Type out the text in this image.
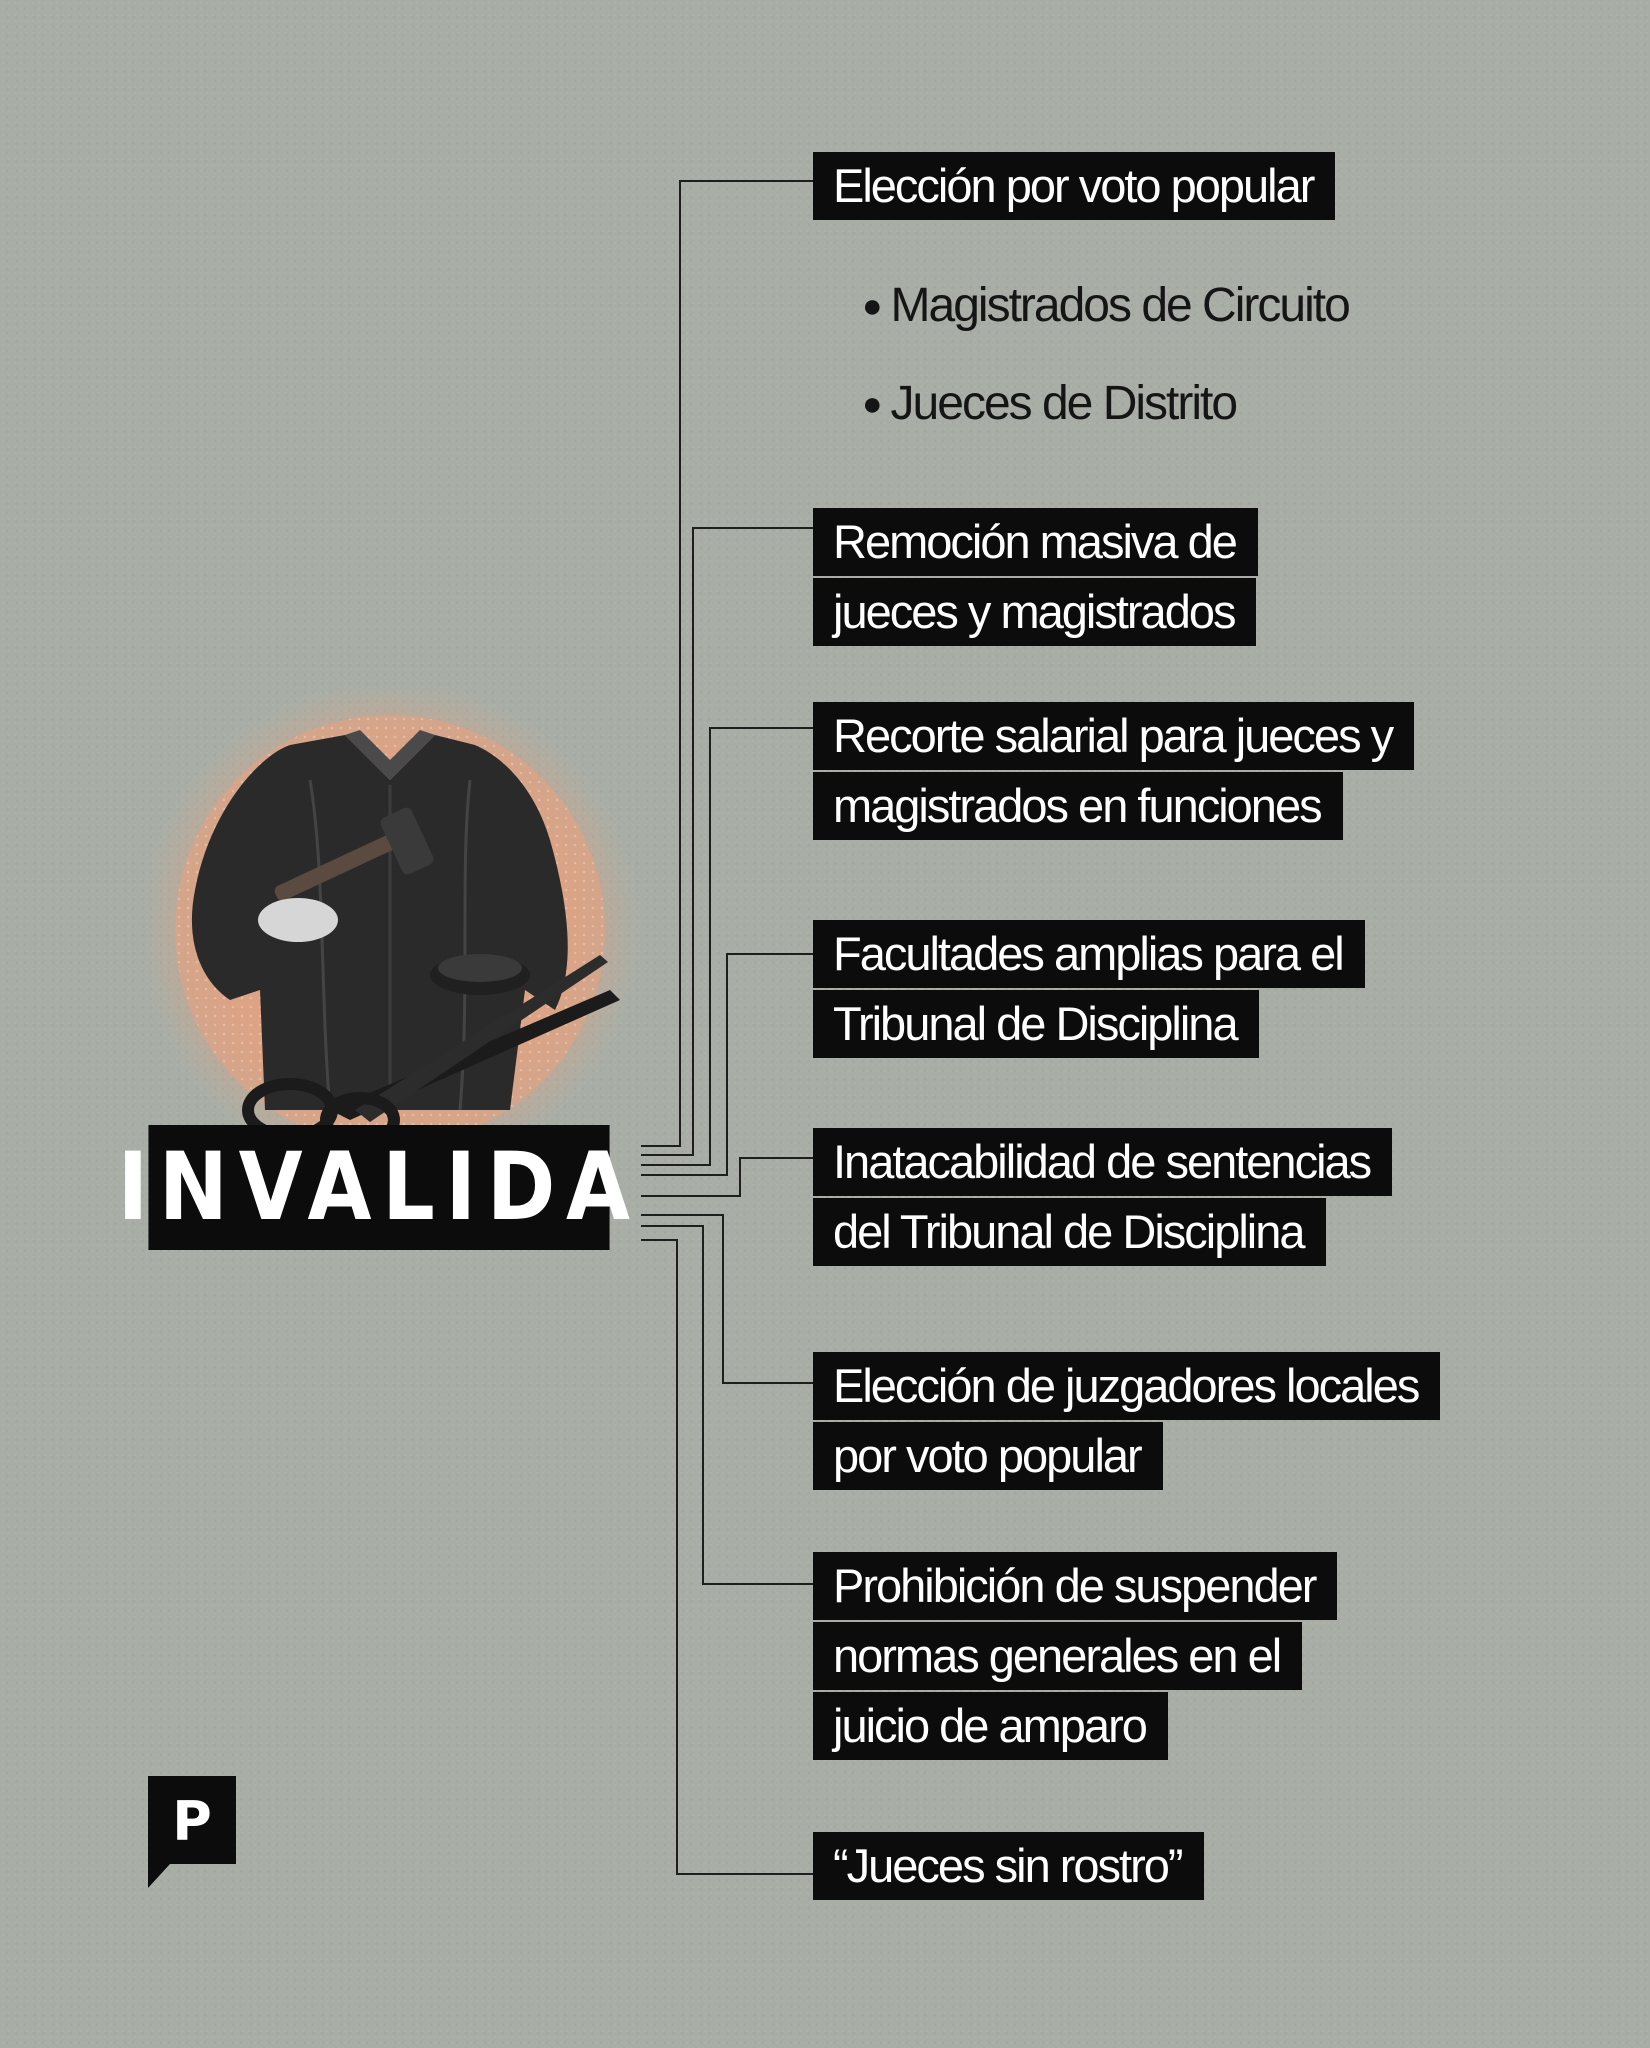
INVALIDA
Elección por voto popular
● Magistrados de Circuito
● Jueces de Distrito
Remoción masiva de
jueces y magistrados
Recorte salarial para jueces y
magistrados en funciones
Facultades amplias para el
Tribunal de Disciplina
Inatacabilidad de sentencias
del Tribunal de Disciplina
Elección de juzgadores locales
por voto popular
Prohibición de suspender
normas generales en el
juicio de amparo
“Jueces sin rostro”
P
